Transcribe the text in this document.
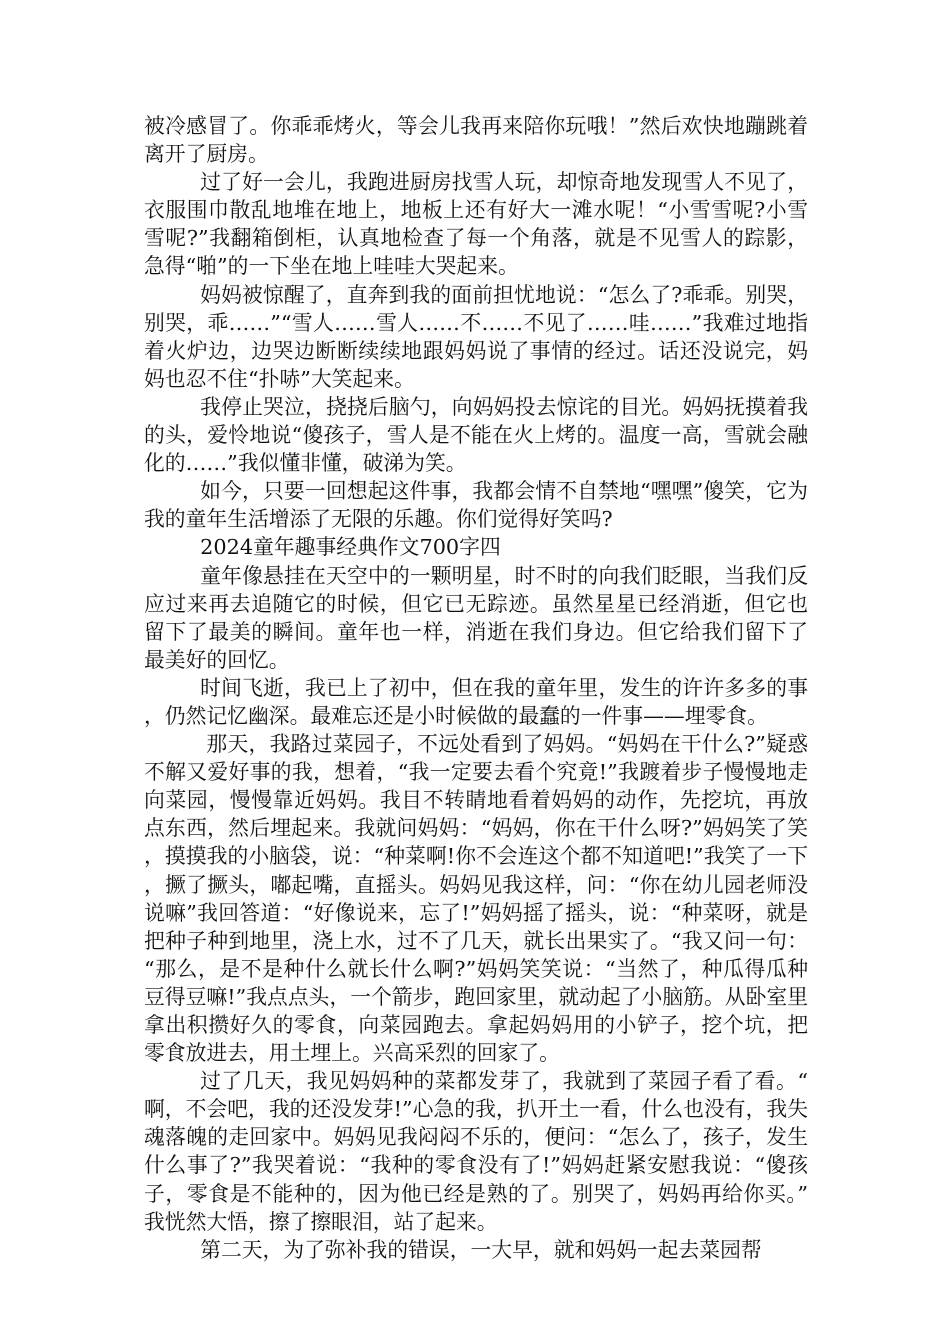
被冷感冒了。你乖乖烤火，等会儿我再来陪你玩哦！”然后欢快地蹦跳着离开了厨房。

过了好一会儿，我跑进厨房找雪人玩，却惊奇地发现雪人不见了，衣服围巾散乱地堆在地上，地板上还有好大一滩水呢！“小雪雪呢?小雪雪呢?”我翻箱倒柜，认真地检查了每一个角落，就是不见雪人的踪影，急得“啪”的一下坐在地上哇哇大哭起来。

妈妈被惊醒了，直奔到我的面前担忧地说：“怎么了?乖乖。别哭，别哭，乖……”“雪人……雪人……不……不见了……哇……”我难过地指着火炉边，边哭边断断续续地跟妈妈说了事情的经过。话还没说完，妈妈也忍不住“扑哧”大笑起来。

我停止哭泣，挠挠后脑勺，向妈妈投去惊诧的目光。妈妈抚摸着我的头，爱怜地说“傻孩子，雪人是不能在火上烤的。温度一高，雪就会融化的……”我似懂非懂，破涕为笑。

如今，只要一回想起这件事，我都会情不自禁地“嘿嘿”傻笑，它为我的童年生活增添了无限的乐趣。你们觉得好笑吗?

2024童年趣事经典作文700字四

童年像悬挂在天空中的一颗明星，时不时的向我们眨眼，当我们反应过来再去追随它的时候，但它已无踪迹。虽然星星已经消逝，但它也留下了最美的瞬间。童年也一样，消逝在我们身边。但它给我们留下了最美好的回忆。

时间飞逝，我已上了初中，但在我的童年里，发生的许许多多的事，仍然记忆幽深。最难忘还是小时候做的最蠢的一件事——埋零食。

那天，我路过菜园子，不远处看到了妈妈。“妈妈在干什么?”疑惑不解又爱好事的我，想着，“我一定要去看个究竟!”我踱着步子慢慢地走向菜园，慢慢靠近妈妈。我目不转睛地看着妈妈的动作，先挖坑，再放点东西，然后埋起来。我就问妈妈：“妈妈，你在干什么呀?”妈妈笑了笑，摸摸我的小脑袋，说：“种菜啊!你不会连这个都不知道吧!”我笑了一下，撅了撅头，嘟起嘴，直摇头。妈妈见我这样，问：“你在幼儿园老师没说嘛”我回答道：“好像说来，忘了!”妈妈摇了摇头，说：“种菜呀，就是把种子种到地里，浇上水，过不了几天，就长出果实了。“我又问一句：“那么，是不是种什么就长什么啊?”妈妈笑笑说：“当然了，种瓜得瓜种豆得豆嘛!”我点点头，一个箭步，跑回家里，就动起了小脑筋。从卧室里拿出积攒好久的零食，向菜园跑去。拿起妈妈用的小铲子，挖个坑，把零食放进去，用土埋上。兴高采烈的回家了。

过了几天，我见妈妈种的菜都发芽了，我就到了菜园子看了看。“啊，不会吧，我的还没发芽!”心急的我，扒开土一看，什么也没有，我失魂落魄的走回家中。妈妈见我闷闷不乐的，便问：“怎么了，孩子，发生什么事了?”我哭着说：“我种的零食没有了!”妈妈赶紧安慰我说：“傻孩子，零食是不能种的，因为他已经是熟的了。别哭了，妈妈再给你买。”我恍然大悟，擦了擦眼泪，站了起来。

第二天，为了弥补我的错误，一大早，就和妈妈一起去菜园帮
